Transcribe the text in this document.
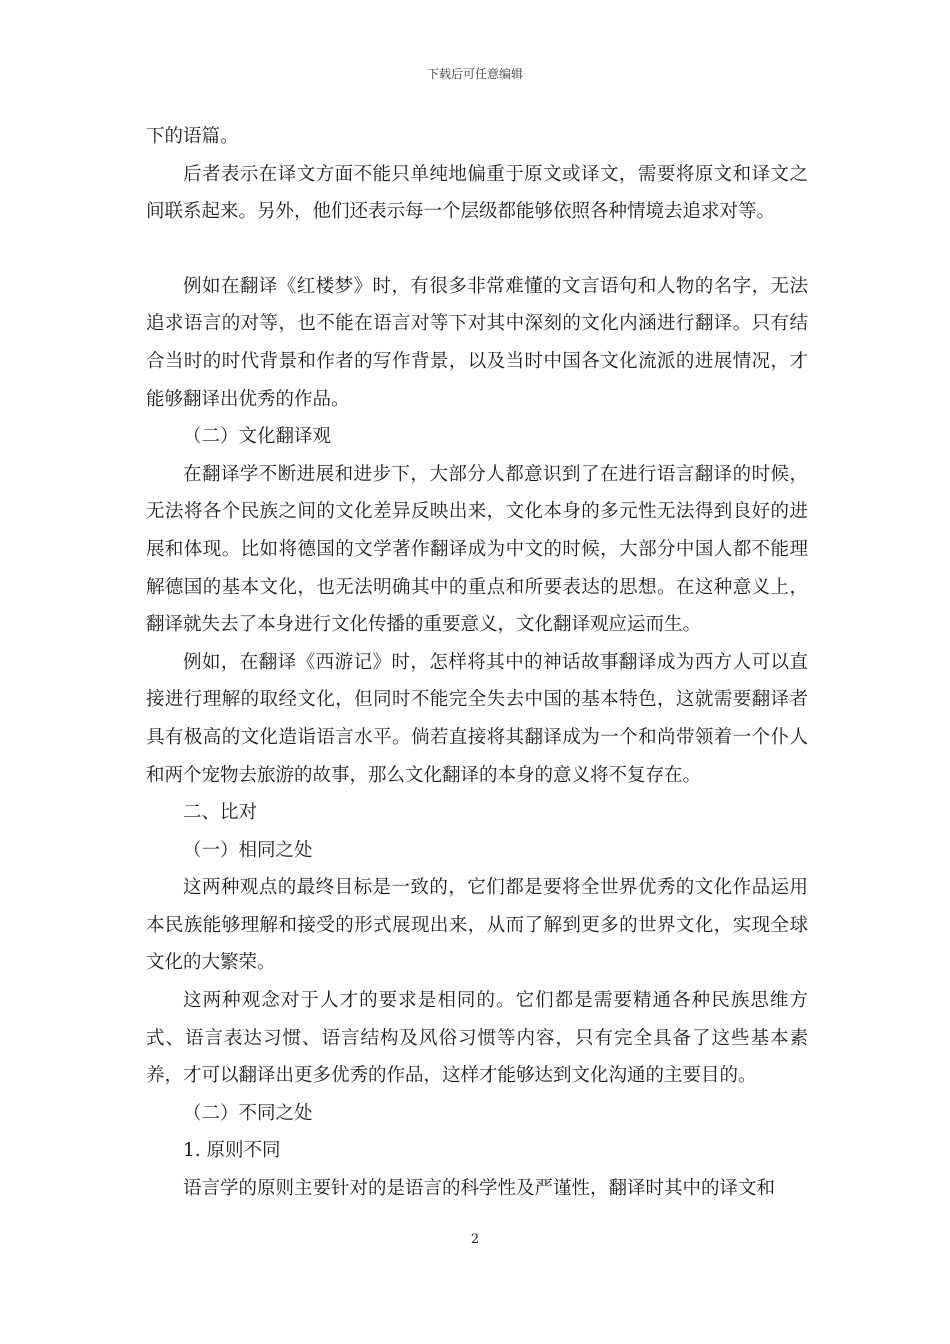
下载后可任意编辑

下的语篇。

后者表示在译文方面不能只单纯地偏重于原文或译文，需要将原文和译文之间联系起来。另外，他们还表示每一个层级都能够依照各种情境去追求对等。

例如在翻译《红楼梦》时，有很多非常难懂的文言语句和人物的名字，无法追求语言的对等，也不能在语言对等下对其中深刻的文化内涵进行翻译。只有结合当时的时代背景和作者的写作背景，以及当时中国各文化流派的进展情况，才能够翻译出优秀的作品。

（二）文化翻译观

在翻译学不断进展和进步下，大部分人都意识到了在进行语言翻译的时候，无法将各个民族之间的文化差异反映出来，文化本身的多元性无法得到良好的进展和体现。比如将德国的文学著作翻译成为中文的时候，大部分中国人都不能理解德国的基本文化，也无法明确其中的重点和所要表达的思想。在这种意义上，翻译就失去了本身进行文化传播的重要意义，文化翻译观应运而生。

例如，在翻译《西游记》时，怎样将其中的神话故事翻译成为西方人可以直接进行理解的取经文化，但同时不能完全失去中国的基本特色，这就需要翻译者具有极高的文化造诣语言水平。倘若直接将其翻译成为一个和尚带领着一个仆人和两个宠物去旅游的故事，那么文化翻译的本身的意义将不复存在。

二、比对

（一）相同之处

这两种观点的最终目标是一致的，它们都是要将全世界优秀的文化作品运用本民族能够理解和接受的形式展现出来，从而了解到更多的世界文化，实现全球文化的大繁荣。

这两种观念对于人才的要求是相同的。它们都是需要精通各种民族思维方式、语言表达习惯、语言结构及风俗习惯等内容，只有完全具备了这些基本素养，才可以翻译出更多优秀的作品，这样才能够达到文化沟通的主要目的。

（二）不同之处

1. 原则不同

语言学的原则主要针对的是语言的科学性及严谨性，翻译时其中的译文和

2
